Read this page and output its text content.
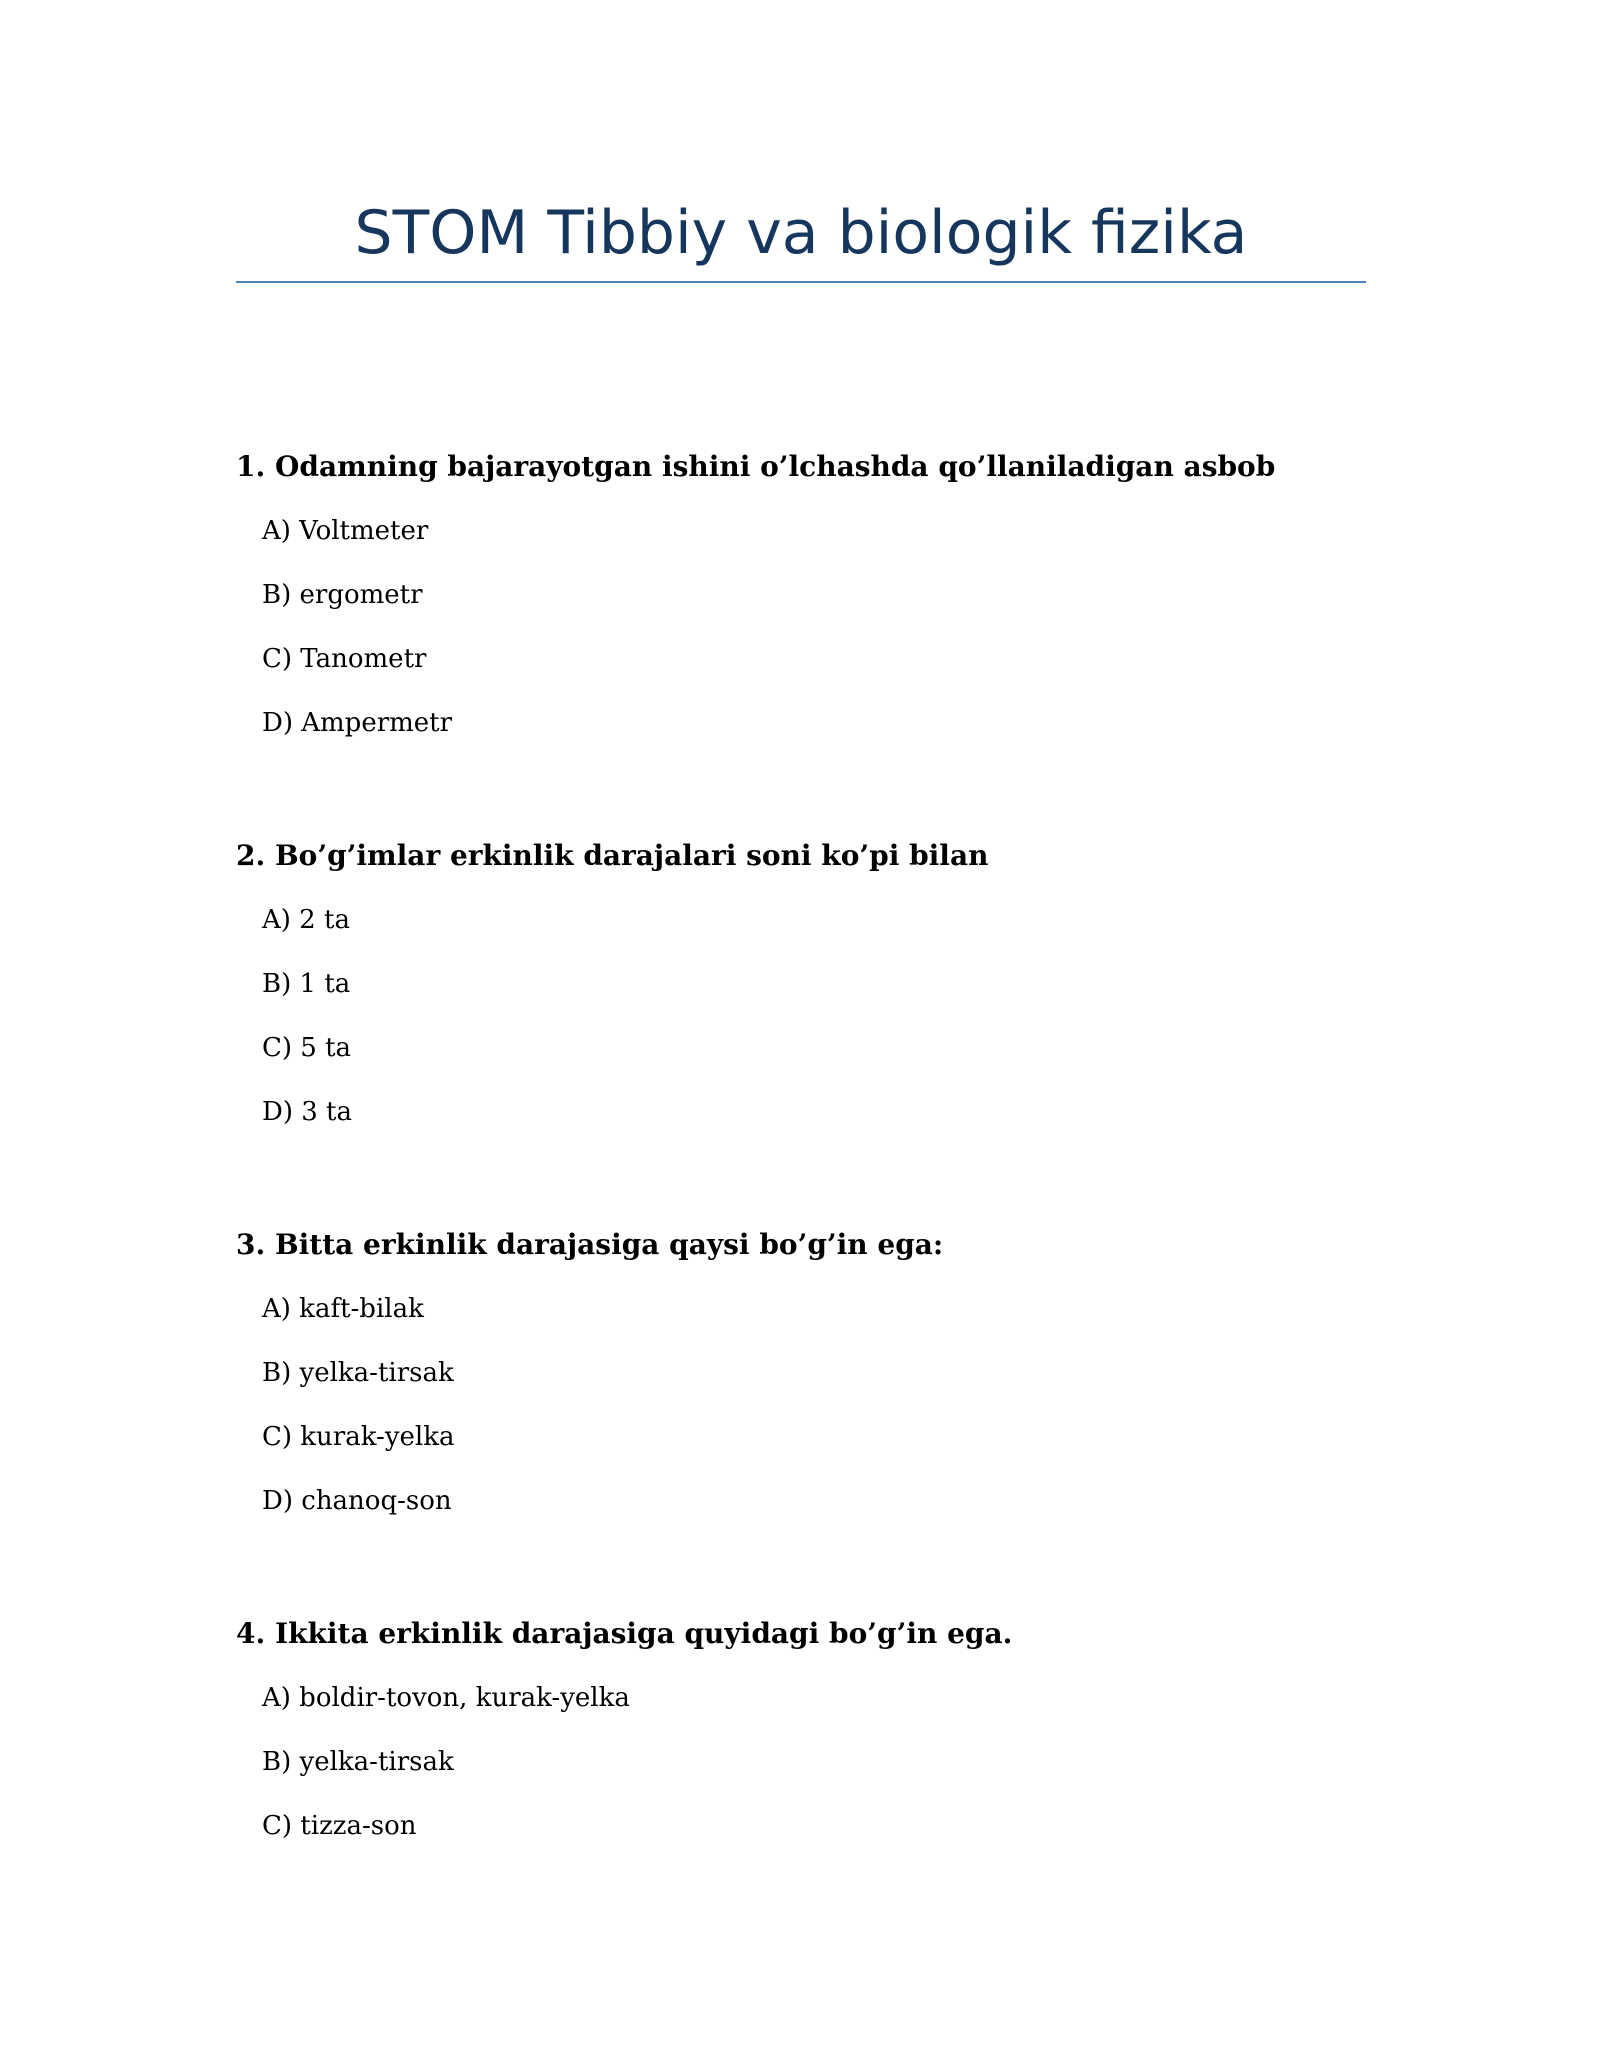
STOM Tibbiy va biologik fizika
1. Odamning bajarayotgan ishini o’lchashda qo’llaniladigan asbob
A) Voltmeter
B) ergometr
C) Tanometr
D) Ampermetr
2. Bo’g’imlar erkinlik darajalari soni ko’pi bilan
A) 2 ta
B) 1 ta
C) 5 ta
D) 3 ta
3. Bitta erkinlik darajasiga qaysi bo’g’in ega:
A) kaft-bilak
B) yelka-tirsak
C) kurak-yelka
D) chanoq-son
4. Ikkita erkinlik darajasiga quyidagi bo’g’in ega.
A) boldir-tovon, kurak-yelka
B) yelka-tirsak
C) tizza-son
